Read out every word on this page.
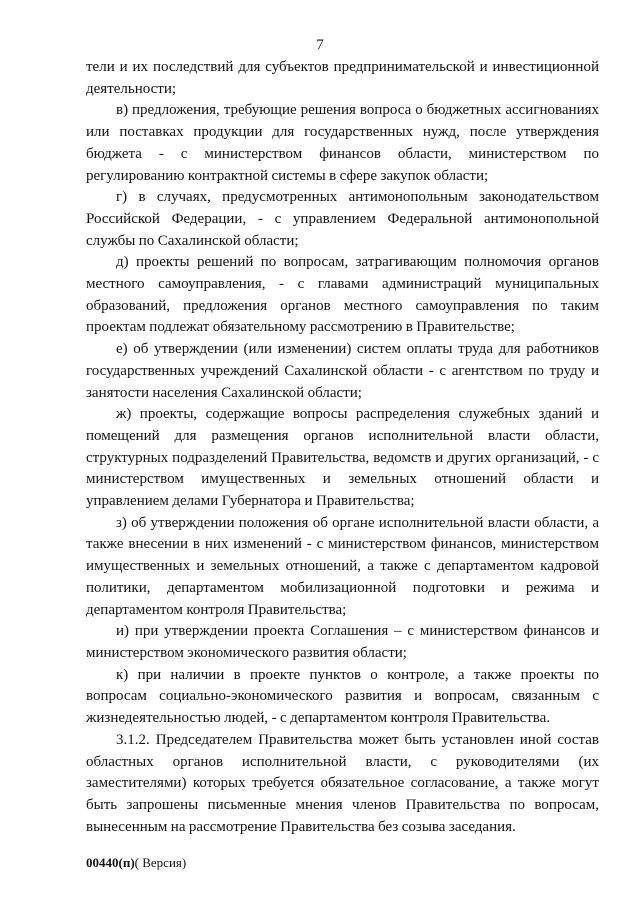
7

тели и их последствий для субъектов предпринимательской и инвестиционной деятельности;

в) предложения, требующие решения вопроса о бюджетных ассигнованиях или поставках продукции для государственных нужд, после утверждения бюджета - с министерством финансов области, министерством по регулированию контрактной системы в сфере закупок области;

г) в случаях, предусмотренных антимонопольным законодательством Российской Федерации, - с управлением Федеральной антимонопольной службы по Сахалинской области;

д) проекты решений по вопросам, затрагивающим полномочия органов местного самоуправления, - с главами администраций муниципальных образований, предложения органов местного самоуправления по таким проектам подлежат обязательному рассмотрению в Правительстве;

е) об утверждении (или изменении) систем оплаты труда для работников государственных учреждений Сахалинской области - с агентством по труду и занятости населения Сахалинской области;

ж) проекты, содержащие вопросы распределения служебных зданий и помещений для размещения органов исполнительной власти области, структурных подразделений Правительства, ведомств и других организаций, - с министерством имущественных и земельных отношений области и управлением делами Губернатора и Правительства;

з) об утверждении положения об органе исполнительной власти области, а также внесении в них изменений - с министерством финансов, министерством имущественных и земельных отношений, а также с департаментом кадровой политики, департаментом мобилизационной подготовки и режима и департаментом контроля Правительства;

и) при утверждении проекта Соглашения – с министерством финансов и министерством экономического развития области;

к) при наличии в проекте пунктов о контроле, а также проекты по вопросам социально-экономического развития и вопросам, связанным с жизнедеятельностью людей, - с департаментом контроля Правительства.

3.1.2. Председателем Правительства может быть установлен иной состав областных органов исполнительной власти, с руководителями (их заместителями) которых требуется обязательное согласование, а также могут быть запрошены письменные мнения членов Правительства по вопросам, вынесенным на рассмотрение Правительства без созыва заседания.

00440(п)( Версия)
